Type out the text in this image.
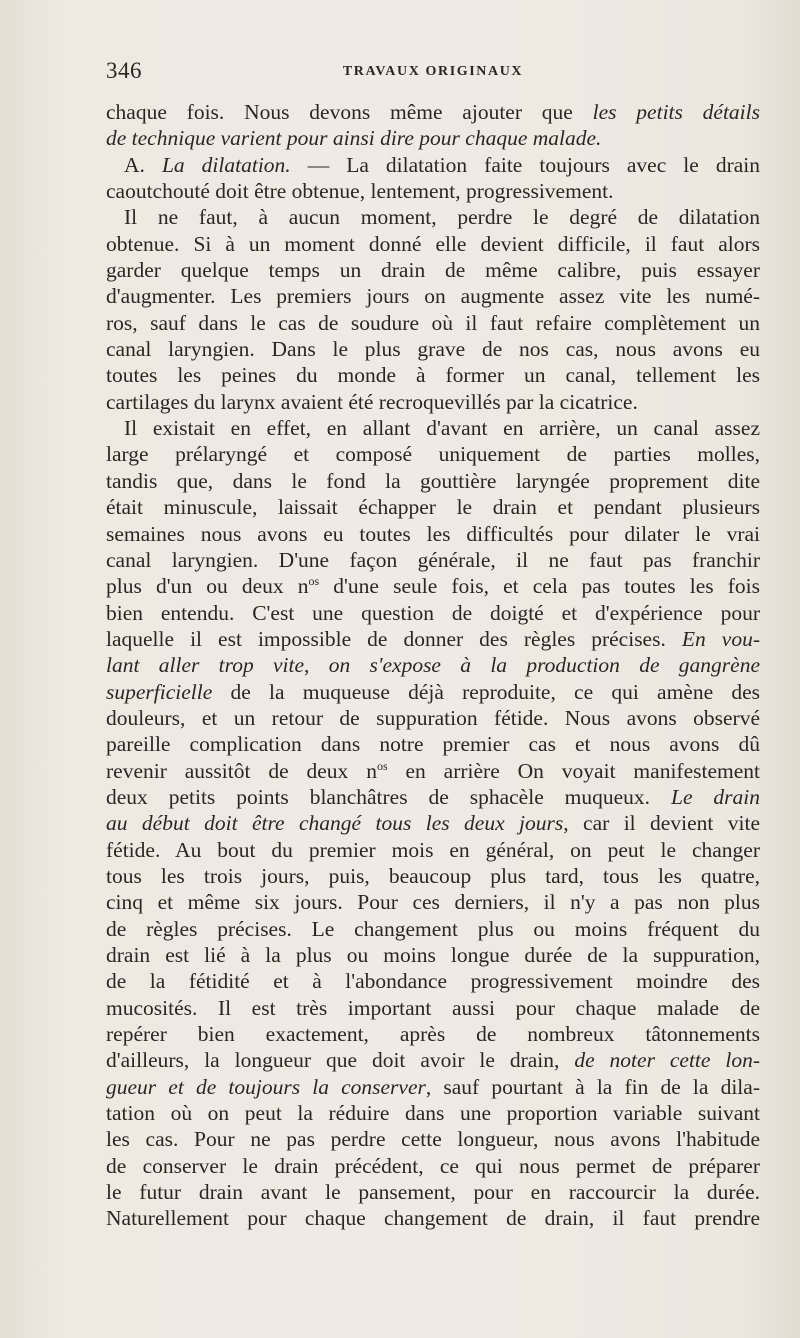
346	TRAVAUX ORIGINAUX
chaque fois. Nous devons même ajouter que les petits détails
de technique varient pour ainsi dire pour chaque malade.
A. La dilatation. — La dilatation faite toujours avec le drain
caoutchouté doit être obtenue, lentement, progressivement.
Il ne faut, à aucun moment, perdre le degré de dilatation
obtenue. Si à un moment donné elle devient difficile, il faut alors
garder quelque temps un drain de même calibre, puis essayer
d'augmenter. Les premiers jours on augmente assez vite les numé-
ros, sauf dans le cas de soudure où il faut refaire complètement un
canal laryngien. Dans le plus grave de nos cas, nous avons eu
toutes les peines du monde à former un canal, tellement les
cartilages du larynx avaient été recroquevillés par la cicatrice.
Il existait en effet, en allant d'avant en arrière, un canal assez
large prélaryngé et composé uniquement de parties molles,
tandis que, dans le fond la gouttière laryngée proprement dite
était minuscule, laissait échapper le drain et pendant plusieurs
semaines nous avons eu toutes les difficultés pour dilater le vrai
canal laryngien. D'une façon générale, il ne faut pas franchir
plus d'un ou deux $n^{os}$ d'une seule fois, et cela pas toutes les fois
bien entendu. C'est une question de doigté et d'expérience pour
laquelle il est impossible de donner des règles précises. En vou-
lant aller trop vite, on s'expose à la production de gangrène
superficielle de la muqueuse déjà reproduite, ce qui amène des
douleurs, et un retour de suppuration fétide. Nous avons observé
pareille complication dans notre premier cas et nous avons dû
revenir aussitôt de deux $n^{os}$ en arrière On voyait manifestement
deux petits points blanchâtres de sphacèle muqueux. Le drain
au début doit être changé tous les deux jours, car il devient vite
fétide. Au bout du premier mois en général, on peut le changer
tous les trois jours, puis, beaucoup plus tard, tous les quatre,
cinq et même six jours. Pour ces derniers, il n'y a pas non plus
de règles précises. Le changement plus ou moins fréquent du
drain est lié à la plus ou moins longue durée de la suppuration,
de la fétidité et à l'abondance progressivement moindre des
mucosités. Il est très important aussi pour chaque malade de
repérer bien exactement, après de nombreux tâtonnements
d'ailleurs, la longueur que doit avoir le drain, de noter cette lon-
gueur et de toujours la conserver, sauf pourtant à la fin de la dila-
tation où on peut la réduire dans une proportion variable suivant
les cas. Pour ne pas perdre cette longueur, nous avons l'habitude
de conserver le drain précédent, ce qui nous permet de préparer
le futur drain avant le pansement, pour en raccourcir la durée.
Naturellement pour chaque changement de drain, il faut prendre
